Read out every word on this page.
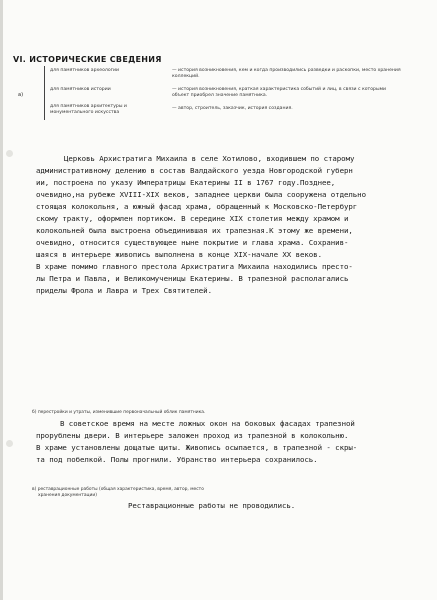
VI. ИСТОРИЧЕСКИЕ СВЕДЕНИЯ
а)
для памятников археологии	— история возникновения, кем и когда производились разведки и раскопки, место хранения коллекций.
для памятников истории	— история возникновения, краткая характеристика событий и лиц, в связи с которыми объект приобрел значение памятника.
для памятников архитектуры и монументального искусства
— автор, строитель, заказчик, история создания.
Церковь Архистратига Михаила в селе Хотилово, входившем по старому
административному делению в состав Валдайского уезда Новгородской губерн
ии, построена по указу Императрицы Екатерины II в 1767 году.Позднее,
очевидно,на рубеже XVIII-XIX веков, западнее церкви была сооружена отдельно
стоящая колокольня, а южный фасад храма, обращенный к Московско-Петербург
скому тракту, оформлен портиком. В середине XIX столетия между храмом и
колокольней была выстроена объединившая их трапезная.К этому же времени,
очевидно, относится существующее ныне покрытие и глава храма. Сохранив-
шаяся в интерьере живопись выполнена в конце XIX-начале XX веков.
В храме помимо главного престола Архистратига Михаила находились престо-
лы Петра и Павла, и Великомученицы Екатерины. В трапезной располагались
приделы Фрола и Лавра и Трех Святителей.
б) перестройки и утраты, изменившие первоначальный облик памятника.
В советское время на месте ложных окон на боковых фасадах трапезной
прорублены двери. В интерьере заложен проход из трапезной в колокольню.
В храме установлены дощатые щиты. Живопись осыпается, в трапезной - скры-
та под побелкой. Полы прогнили. Убранство интерьера сохранилось.
в) реставрационные работы (общая характеристика, время, автор, место
хранения документации)
Реставрационные работы не проводились.
